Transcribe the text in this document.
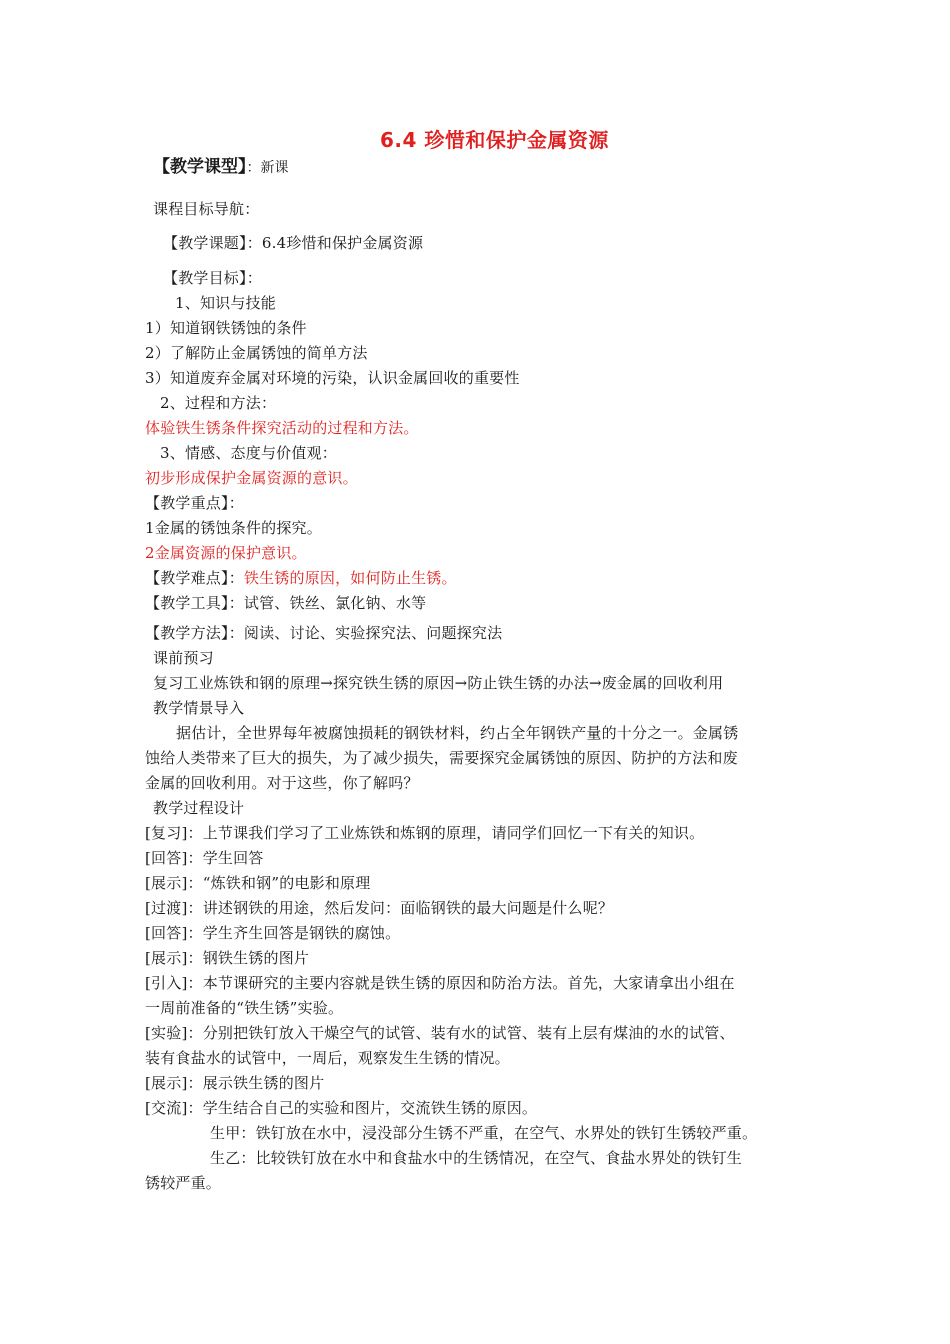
6.4 珍惜和保护金属资源
【教学课型】：新课
课程目标导航：
【教学课题】：6.4珍惜和保护金属资源
【教学目标】：
1、知识与技能
1）知道钢铁锈蚀的条件
2）了解防止金属锈蚀的简单方法
3）知道废弃金属对环境的污染，认识金属回收的重要性
2、过程和方法：
体验铁生锈条件探究活动的过程和方法。
3、情感、态度与价值观：
初步形成保护金属资源的意识。
【教学重点】：
1金属的锈蚀条件的探究。
2金属资源的保护意识。
【教学难点】：铁生锈的原因，如何防止生锈。
【教学工具】：试管、铁丝、氯化钠、水等
【教学方法】：阅读、讨论、实验探究法、问题探究法
课前预习
复习工业炼铁和钢的原理→探究铁生锈的原因→防止铁生锈的办法→废金属的回收利用
教学情景导入
据估计，全世界每年被腐蚀损耗的钢铁材料，约占全年钢铁产量的十分之一。金属锈
蚀给人类带来了巨大的损失，为了减少损失，需要探究金属锈蚀的原因、防护的方法和废
金属的回收利用。对于这些，你了解吗？
教学过程设计
[复习]：上节课我们学习了工业炼铁和炼钢的原理，请同学们回忆一下有关的知识。
[回答]：学生回答
[展示]：“炼铁和钢”的电影和原理
[过渡]：讲述钢铁的用途，然后发问：面临钢铁的最大问题是什么呢？
[回答]：学生齐生回答是钢铁的腐蚀。
[展示]：钢铁生锈的图片
[引入]：本节课研究的主要内容就是铁生锈的原因和防治方法。首先，大家请拿出小组在
一周前准备的“铁生锈”实验。
[实验]：分别把铁钉放入干燥空气的试管、装有水的试管、装有上层有煤油的水的试管、
装有食盐水的试管中，一周后，观察发生生锈的情况。
[展示]：展示铁生锈的图片
[交流]：学生结合自己的实验和图片，交流铁生锈的原因。
生甲：铁钉放在水中，浸没部分生锈不严重，在空气、水界处的铁钉生锈较严重。
生乙：比较铁钉放在水中和食盐水中的生锈情况，在空气、食盐水界处的铁钉生
锈较严重。
